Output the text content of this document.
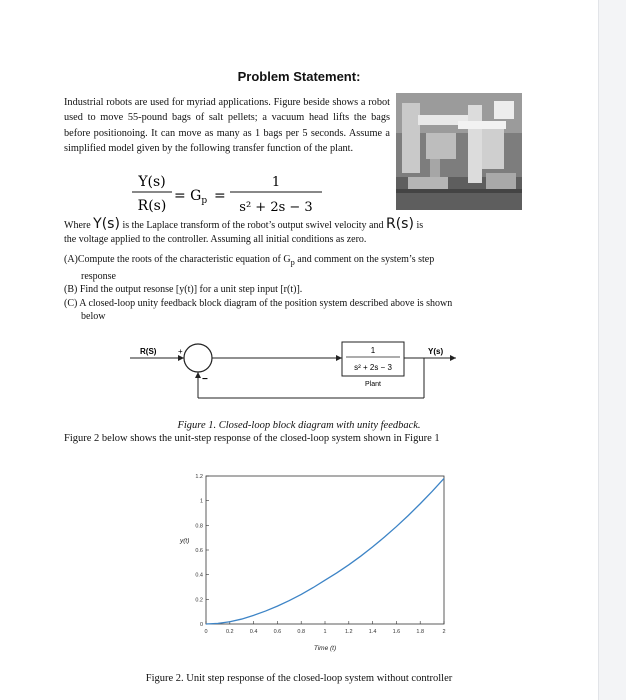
Problem Statement:
Industrial robots are used for myriad applications. Figure beside shows a robot used to move 55-pound bags of salt pellets; a vacuum head lifts the bags before positionoing. It can move as many as 1 bags per 5 seconds. Assume a simplified model given by the following transfer function of the plant.
Y(s)
R(s)
= $G_p$ =
1
s² + 2s − 3
Where Y(s) is the Laplace transform of the robot’s output swivel velocity and R(s) is
the voltage applied to the controller. Assuming all initial conditions as zero.
(A)Compute the roots of the characteristic equation of $G_p$ and comment on the system’s step
response
(B) Find the output resonse [y(t)] for a unit step input [r(t)].
(C) A closed-loop unity feedback block diagram of the position system described above is shown
below
R(S)	+	1
s² + 2s − 3
Plant
Y(s)
−
Figure 1. Closed-loop block diagram with unity feedback.
Figure 2 below shows the unit-step response of the closed-loop system shown in Figure 1
0	0.2	0.4	0.6	0.8	1	1.2	1.4	1.6	1.8	2
0
0.2
0.4
0.6
0.8
1
1.2
Time (t)
y(t)
Figure 2. Unit step response of the closed-loop system without controller
